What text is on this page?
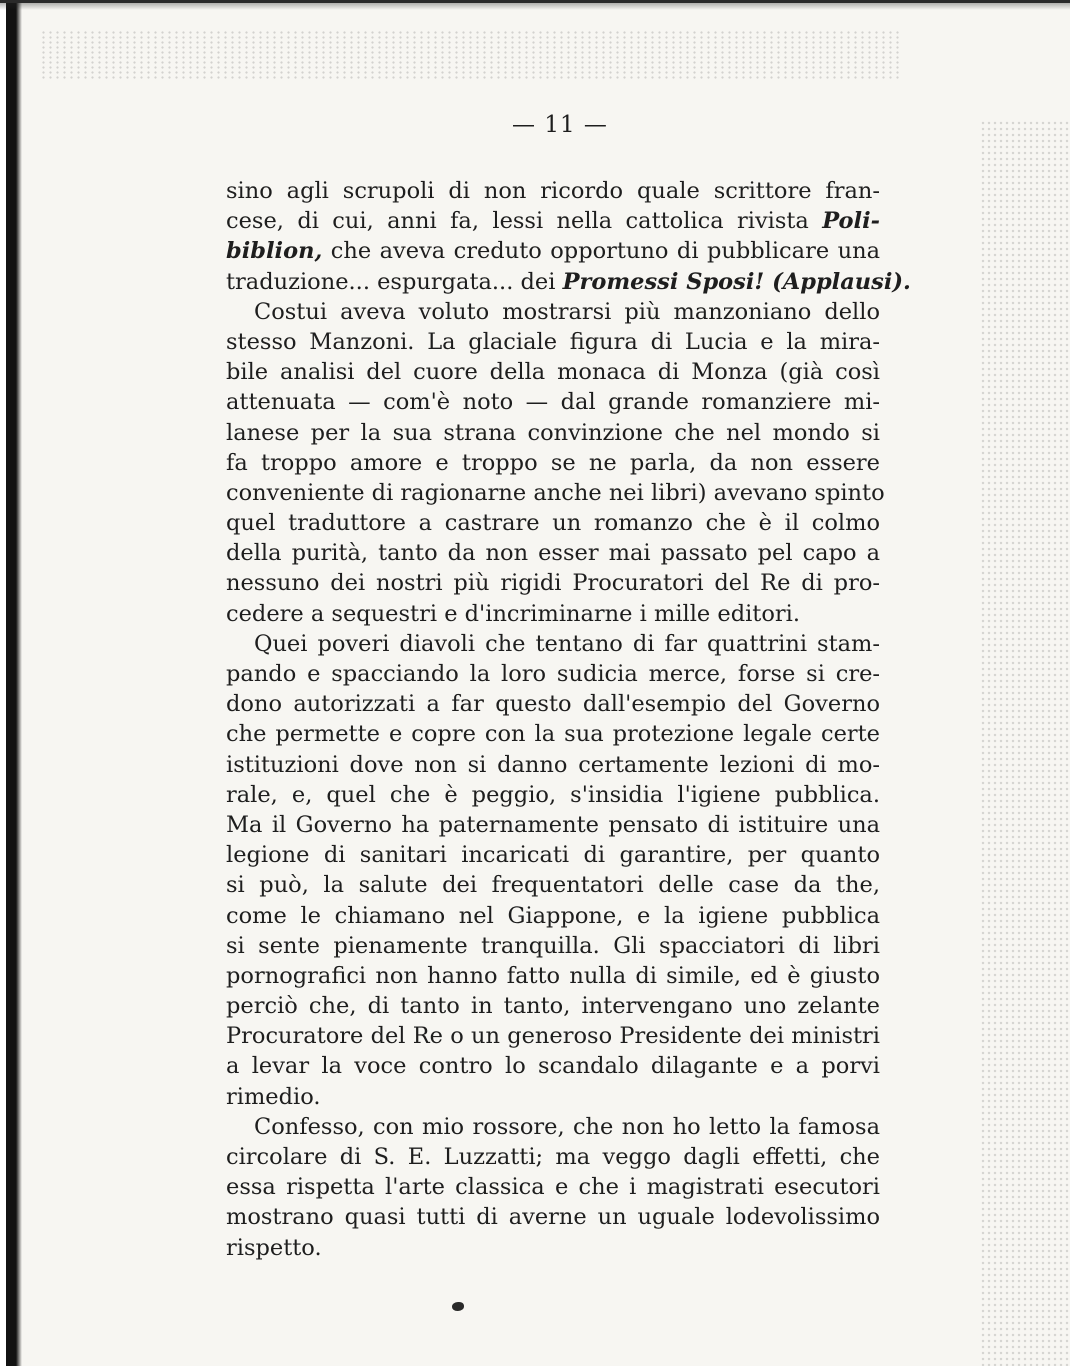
— 11 —
sino agli scrupoli di non ricordo quale scrittore fran-
cese, di cui, anni fa, lessi nella cattolica rivista Poli-
biblion, che aveva creduto opportuno di pubblicare una
traduzione... espurgata... dei Promessi Sposi! (Applausi).
Costui aveva voluto mostrarsi più manzoniano dello
stesso Manzoni. La glaciale figura di Lucia e la mira-
bile analisi del cuore della monaca di Monza (già così
attenuata — com'è noto — dal grande romanziere mi-
lanese per la sua strana convinzione che nel mondo si
fa troppo amore e troppo se ne parla, da non essere
conveniente di ragionarne anche nei libri) avevano spinto
quel traduttore a castrare un romanzo che è il colmo
della purità, tanto da non esser mai passato pel capo a
nessuno dei nostri più rigidi Procuratori del Re di pro-
cedere a sequestri e d'incriminarne i mille editori.
Quei poveri diavoli che tentano di far quattrini stam-
pando e spacciando la loro sudicia merce, forse si cre-
dono autorizzati a far questo dall'esempio del Governo
che permette e copre con la sua protezione legale certe
istituzioni dove non si danno certamente lezioni di mo-
rale, e, quel che è peggio, s'insidia l'igiene pubblica.
Ma il Governo ha paternamente pensato di istituire una
legione di sanitari incaricati di garantire, per quanto
si può, la salute dei frequentatori delle case da the,
come le chiamano nel Giappone, e la igiene pubblica
si sente pienamente tranquilla. Gli spacciatori di libri
pornografici non hanno fatto nulla di simile, ed è giusto
perciò che, di tanto in tanto, intervengano uno zelante
Procuratore del Re o un generoso Presidente dei ministri
a levar la voce contro lo scandalo dilagante e a porvi
rimedio.
Confesso, con mio rossore, che non ho letto la famosa
circolare di S. E. Luzzatti; ma veggo dagli effetti, che
essa rispetta l'arte classica e che i magistrati esecutori
mostrano quasi tutti di averne un uguale lodevolissimo
rispetto.
